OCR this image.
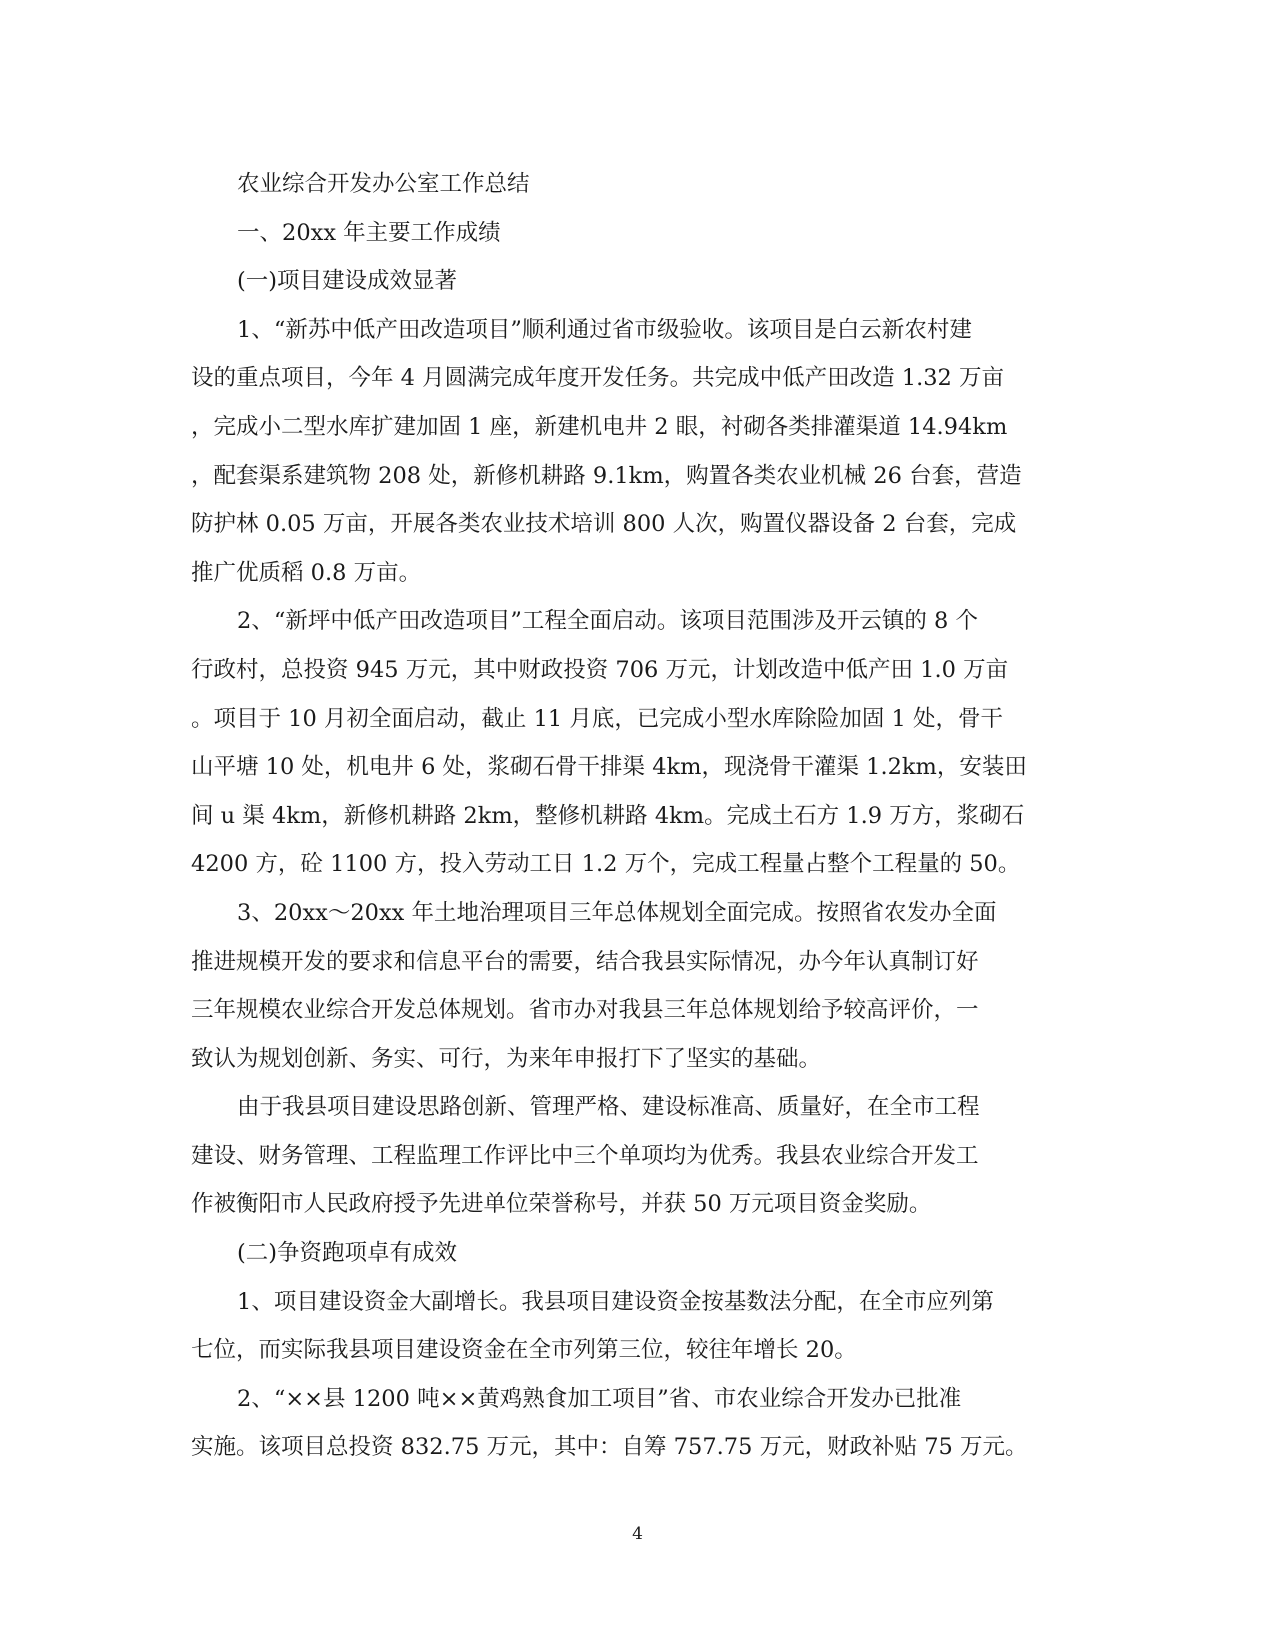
农业综合开发办公室工作总结
一、20xx 年主要工作成绩
(一)项目建设成效显著
1、“新苏中低产田改造项目”顺利通过省市级验收。该项目是白云新农村建
设的重点项目，今年 4 月圆满完成年度开发任务。共完成中低产田改造 1.32 万亩
，完成小二型水库扩建加固 1 座，新建机电井 2 眼，衬砌各类排灌渠道 14.94km
，配套渠系建筑物 208 处，新修机耕路 9.1km，购置各类农业机械 26 台套，营造
防护林 0.05 万亩，开展各类农业技术培训 800 人次，购置仪器设备 2 台套，完成
推广优质稻 0.8 万亩。
2、“新坪中低产田改造项目”工程全面启动。该项目范围涉及开云镇的 8 个
行政村，总投资 945 万元，其中财政投资 706 万元，计划改造中低产田 1.0 万亩
。项目于 10 月初全面启动，截止 11 月底，已完成小型水库除险加固 1 处，骨干
山平塘 10 处，机电井 6 处，浆砌石骨干排渠 4km，现浇骨干灌渠 1.2km，安装田
间 u 渠 4km，新修机耕路 2km，整修机耕路 4km。完成土石方 1.9 万方，浆砌石
4200 方，砼 1100 方，投入劳动工日 1.2 万个，完成工程量占整个工程量的 50。
3、20xx～20xx 年土地治理项目三年总体规划全面完成。按照省农发办全面
推进规模开发的要求和信息平台的需要，结合我县实际情况，办今年认真制订好
三年规模农业综合开发总体规划。省市办对我县三年总体规划给予较高评价，一
致认为规划创新、务实、可行，为来年申报打下了坚实的基础。
由于我县项目建设思路创新、管理严格、建设标准高、质量好，在全市工程
建设、财务管理、工程监理工作评比中三个单项均为优秀。我县农业综合开发工
作被衡阳市人民政府授予先进单位荣誉称号，并获 50 万元项目资金奖励。
(二)争资跑项卓有成效
1、项目建设资金大副增长。我县项目建设资金按基数法分配，在全市应列第
七位，而实际我县项目建设资金在全市列第三位，较往年增长 20。
2、“××县 1200 吨××黄鸡熟食加工项目”省、市农业综合开发办已批准
实施。该项目总投资 832.75 万元，其中：自筹 757.75 万元，财政补贴 75 万元。
4
